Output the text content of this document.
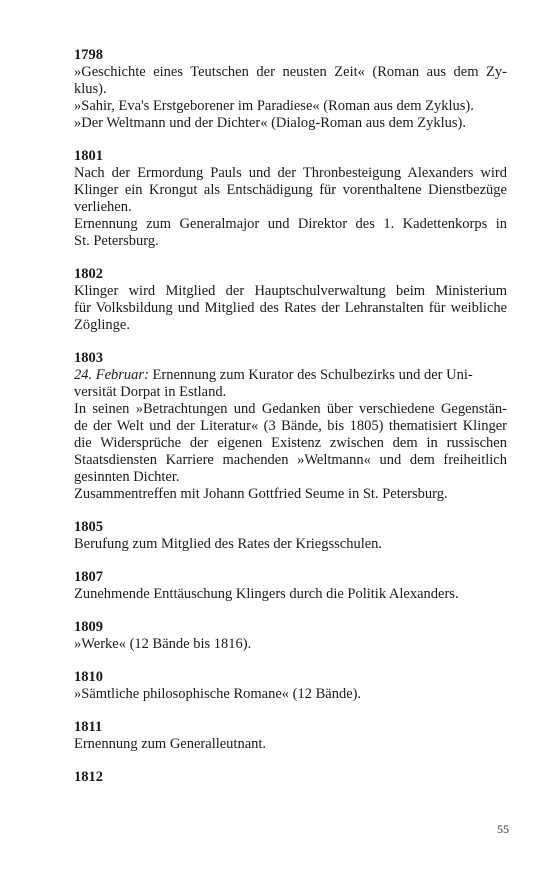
1798
»Geschichte eines Teutschen der neusten Zeit« (Roman aus dem Zy-
klus).
»Sahir, Eva's Erstgeborener im Paradiese« (Roman aus dem Zyklus).
»Der Weltmann und der Dichter« (Dialog-Roman aus dem Zyklus).
1801
Nach der Ermordung Pauls und der Thronbesteigung Alexanders wird
Klinger ein Krongut als Entschädigung für vorenthaltene Dienstbezüge
verliehen.
Ernennung zum Generalmajor und Direktor des 1. Kadettenkorps in
St. Petersburg.
1802
Klinger wird Mitglied der Hauptschulverwaltung beim Ministerium
für Volksbildung und Mitglied des Rates der Lehranstalten für weibliche
Zöglinge.
1803
24. Februar: Ernennung zum Kurator des Schulbezirks und der Uni-
versität Dorpat in Estland.
In seinen »Betrachtungen und Gedanken über verschiedene Gegenstän-
de der Welt und der Literatur« (3 Bände, bis 1805) thematisiert Klinger
die Widersprüche der eigenen Existenz zwischen dem in russischen
Staatsdiensten Karriere machenden »Weltmann« und dem freiheitlich
gesinnten Dichter.
Zusammentreffen mit Johann Gottfried Seume in St. Petersburg.
1805
Berufung zum Mitglied des Rates der Kriegsschulen.
1807
Zunehmende Enttäuschung Klingers durch die Politik Alexanders.
1809
»Werke« (12 Bände bis 1816).
1810
»Sämtliche philosophische Romane« (12 Bände).
1811
Ernennung zum Generalleutnant.
1812
55
